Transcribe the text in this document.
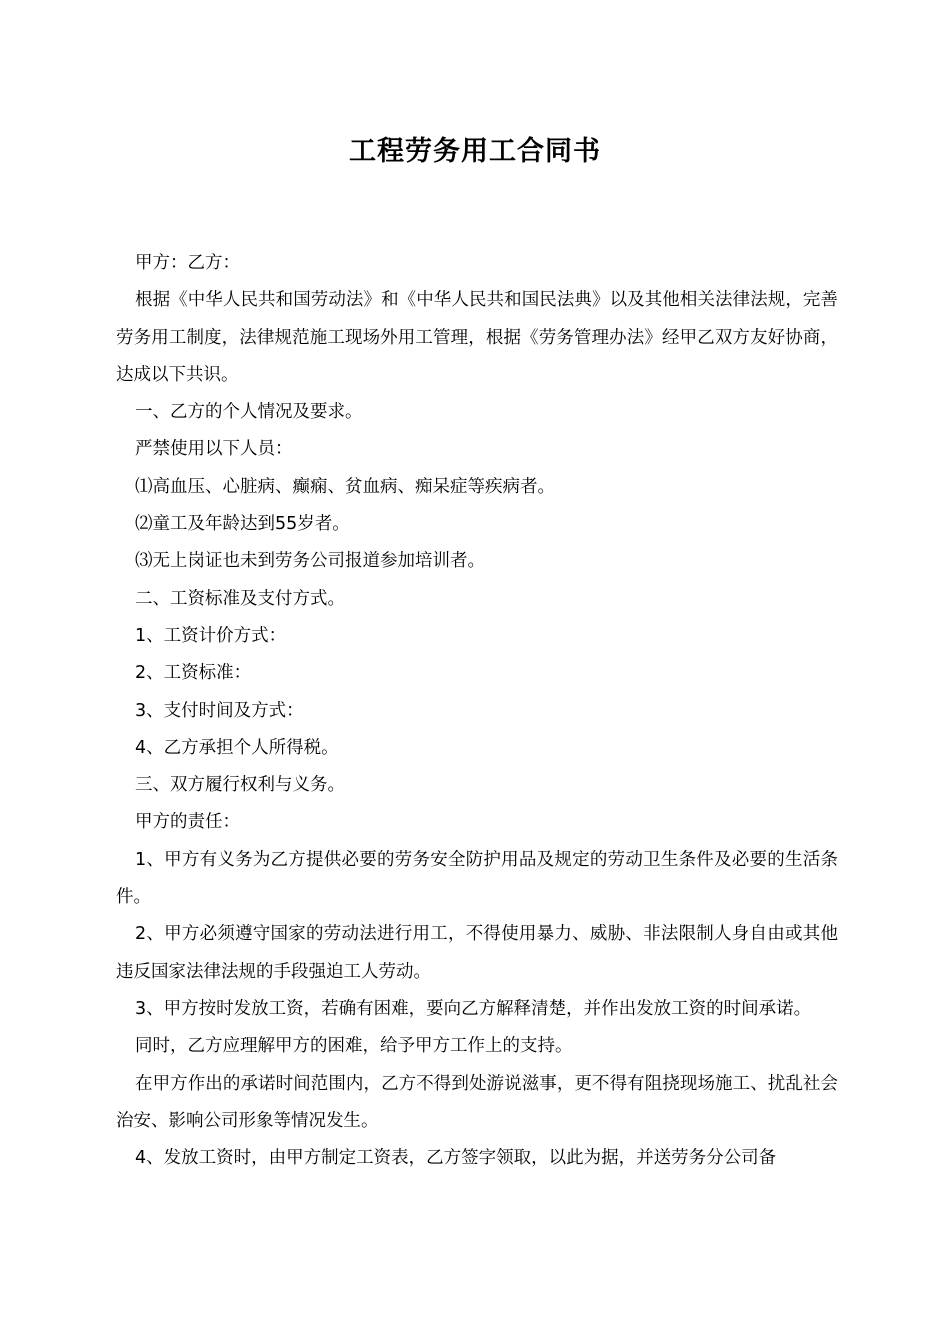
工程劳务用工合同书

甲方：乙方：

根据《中华人民共和国劳动法》和《中华人民共和国民法典》以及其他相关法律法规，完善劳务用工制度，法律规范施工现场外用工管理，根据《劳务管理办法》经甲乙双方友好协商，达成以下共识。

一、乙方的个人情况及要求。

严禁使用以下人员：

⑴高血压、心脏病、癫痫、贫血病、痴呆症等疾病者。

⑵童工及年龄达到55岁者。

⑶无上岗证也未到劳务公司报道参加培训者。

二、工资标准及支付方式。

1、工资计价方式：

2、工资标准：

3、支付时间及方式：

4、乙方承担个人所得税。

三、双方履行权利与义务。

甲方的责任：

1、甲方有义务为乙方提供必要的劳务安全防护用品及规定的劳动卫生条件及必要的生活条件。

2、甲方必须遵守国家的劳动法进行用工，不得使用暴力、威胁、非法限制人身自由或其他违反国家法律法规的手段强迫工人劳动。

3、甲方按时发放工资，若确有困难，要向乙方解释清楚，并作出发放工资的时间承诺。

同时，乙方应理解甲方的困难，给予甲方工作上的支持。

在甲方作出的承诺时间范围内，乙方不得到处游说滋事，更不得有阻挠现场施工、扰乱社会治安、影响公司形象等情况发生。

4、发放工资时，由甲方制定工资表，乙方签字领取，以此为据，并送劳务分公司备
